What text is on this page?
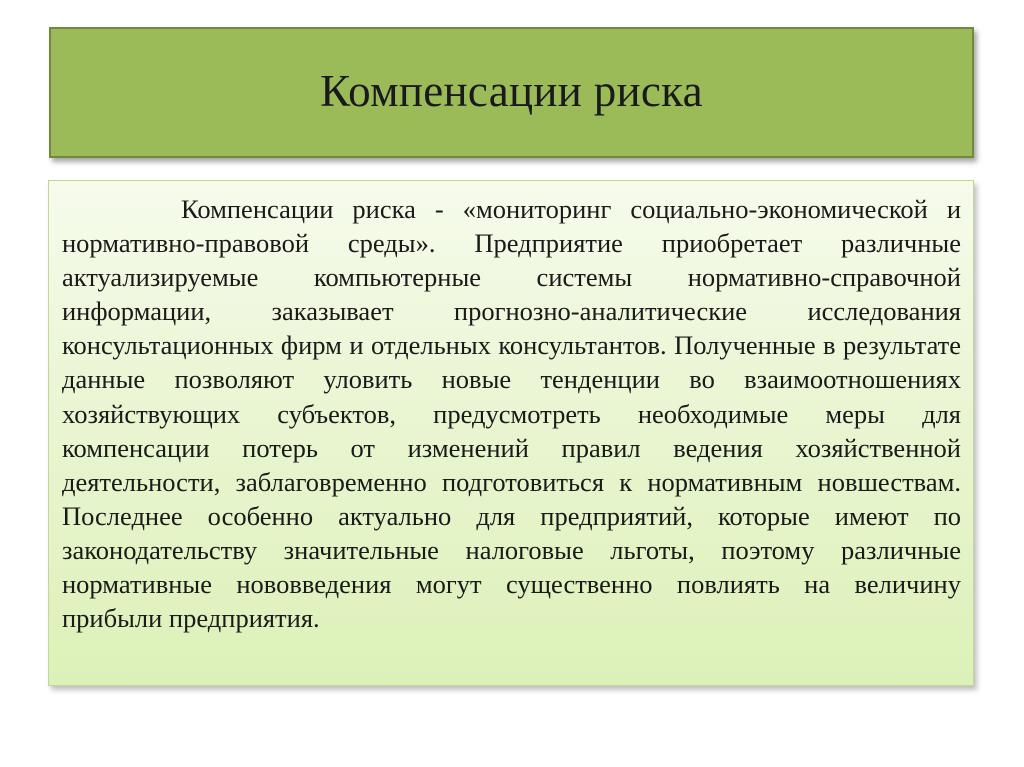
Компенсации риска

Компенсации риска - «мониторинг социально-экономической и нормативно-правовой среды». Предприятие приобретает различные актуализируемые компьютерные системы нормативно-справочной информации, заказывает прогнозно-аналитические исследования консультационных фирм и отдельных консультантов. Полученные в результате данные позволяют уловить новые тенденции во взаимоотношениях хозяйствующих субъектов, предусмотреть необходимые меры для компенсации потерь от изменений правил ведения хозяйственной деятельности, заблаговременно подготовиться к нормативным новшествам. Последнее особенно актуально для предприятий, которые имеют по законодательству значительные налоговые льготы, поэтому различные нормативные нововведения могут существенно повлиять на величину прибыли предприятия.
